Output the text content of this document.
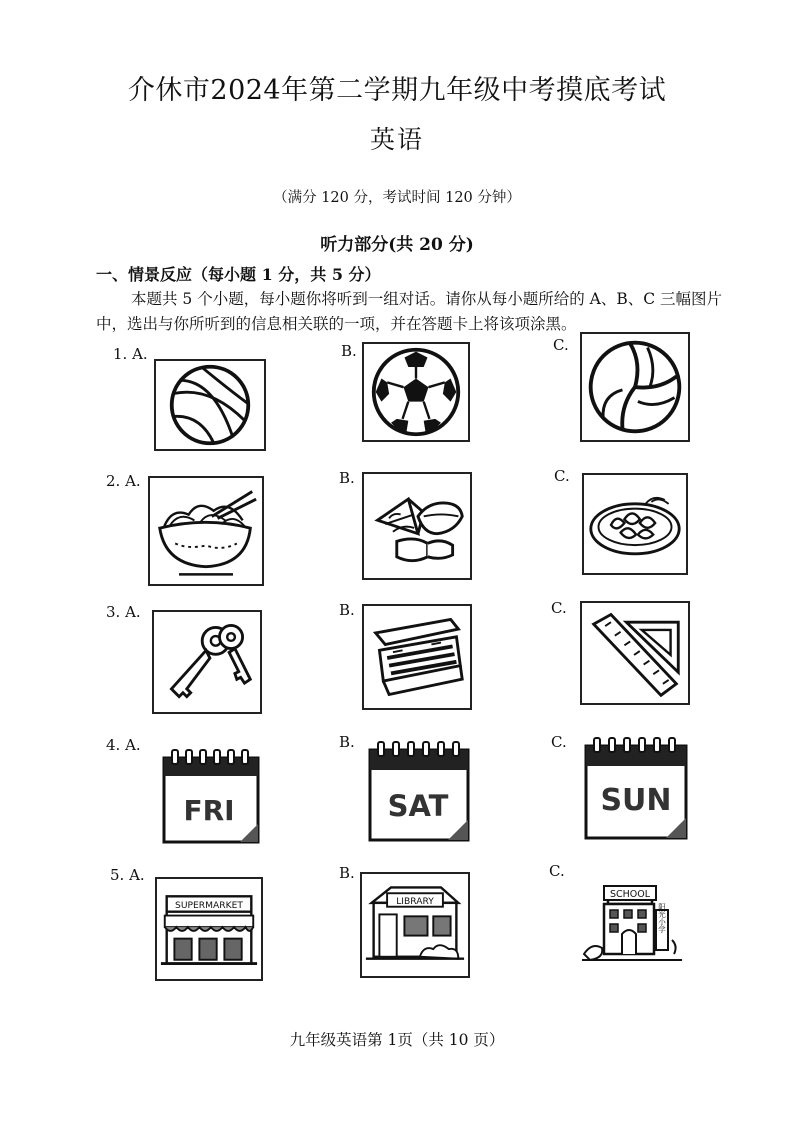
介休市2024年第二学期九年级中考摸底考试
英语
（满分 120 分，考试时间 120 分钟）
听力部分(共 20 分)
一、情景反应（每小题 1 分，共 5 分）
本题共 5 个小题，每小题你将听到一组对话。请你从每小题所给的 A、B、C 三幅图片中，选出与你所听到的信息相关联的一项，并在答题卡上将该项涂黑。
1. A.	B.	C.
2. A.	B.	C.
3. A.	B.	C.
4. A.
FRI
B.
SAT
C.
SUN
5. A.
SUPERMARKET
B.
LIBRARY
C.
SCHOOL
阳光小学
九年级英语第 1页（共 10 页）
